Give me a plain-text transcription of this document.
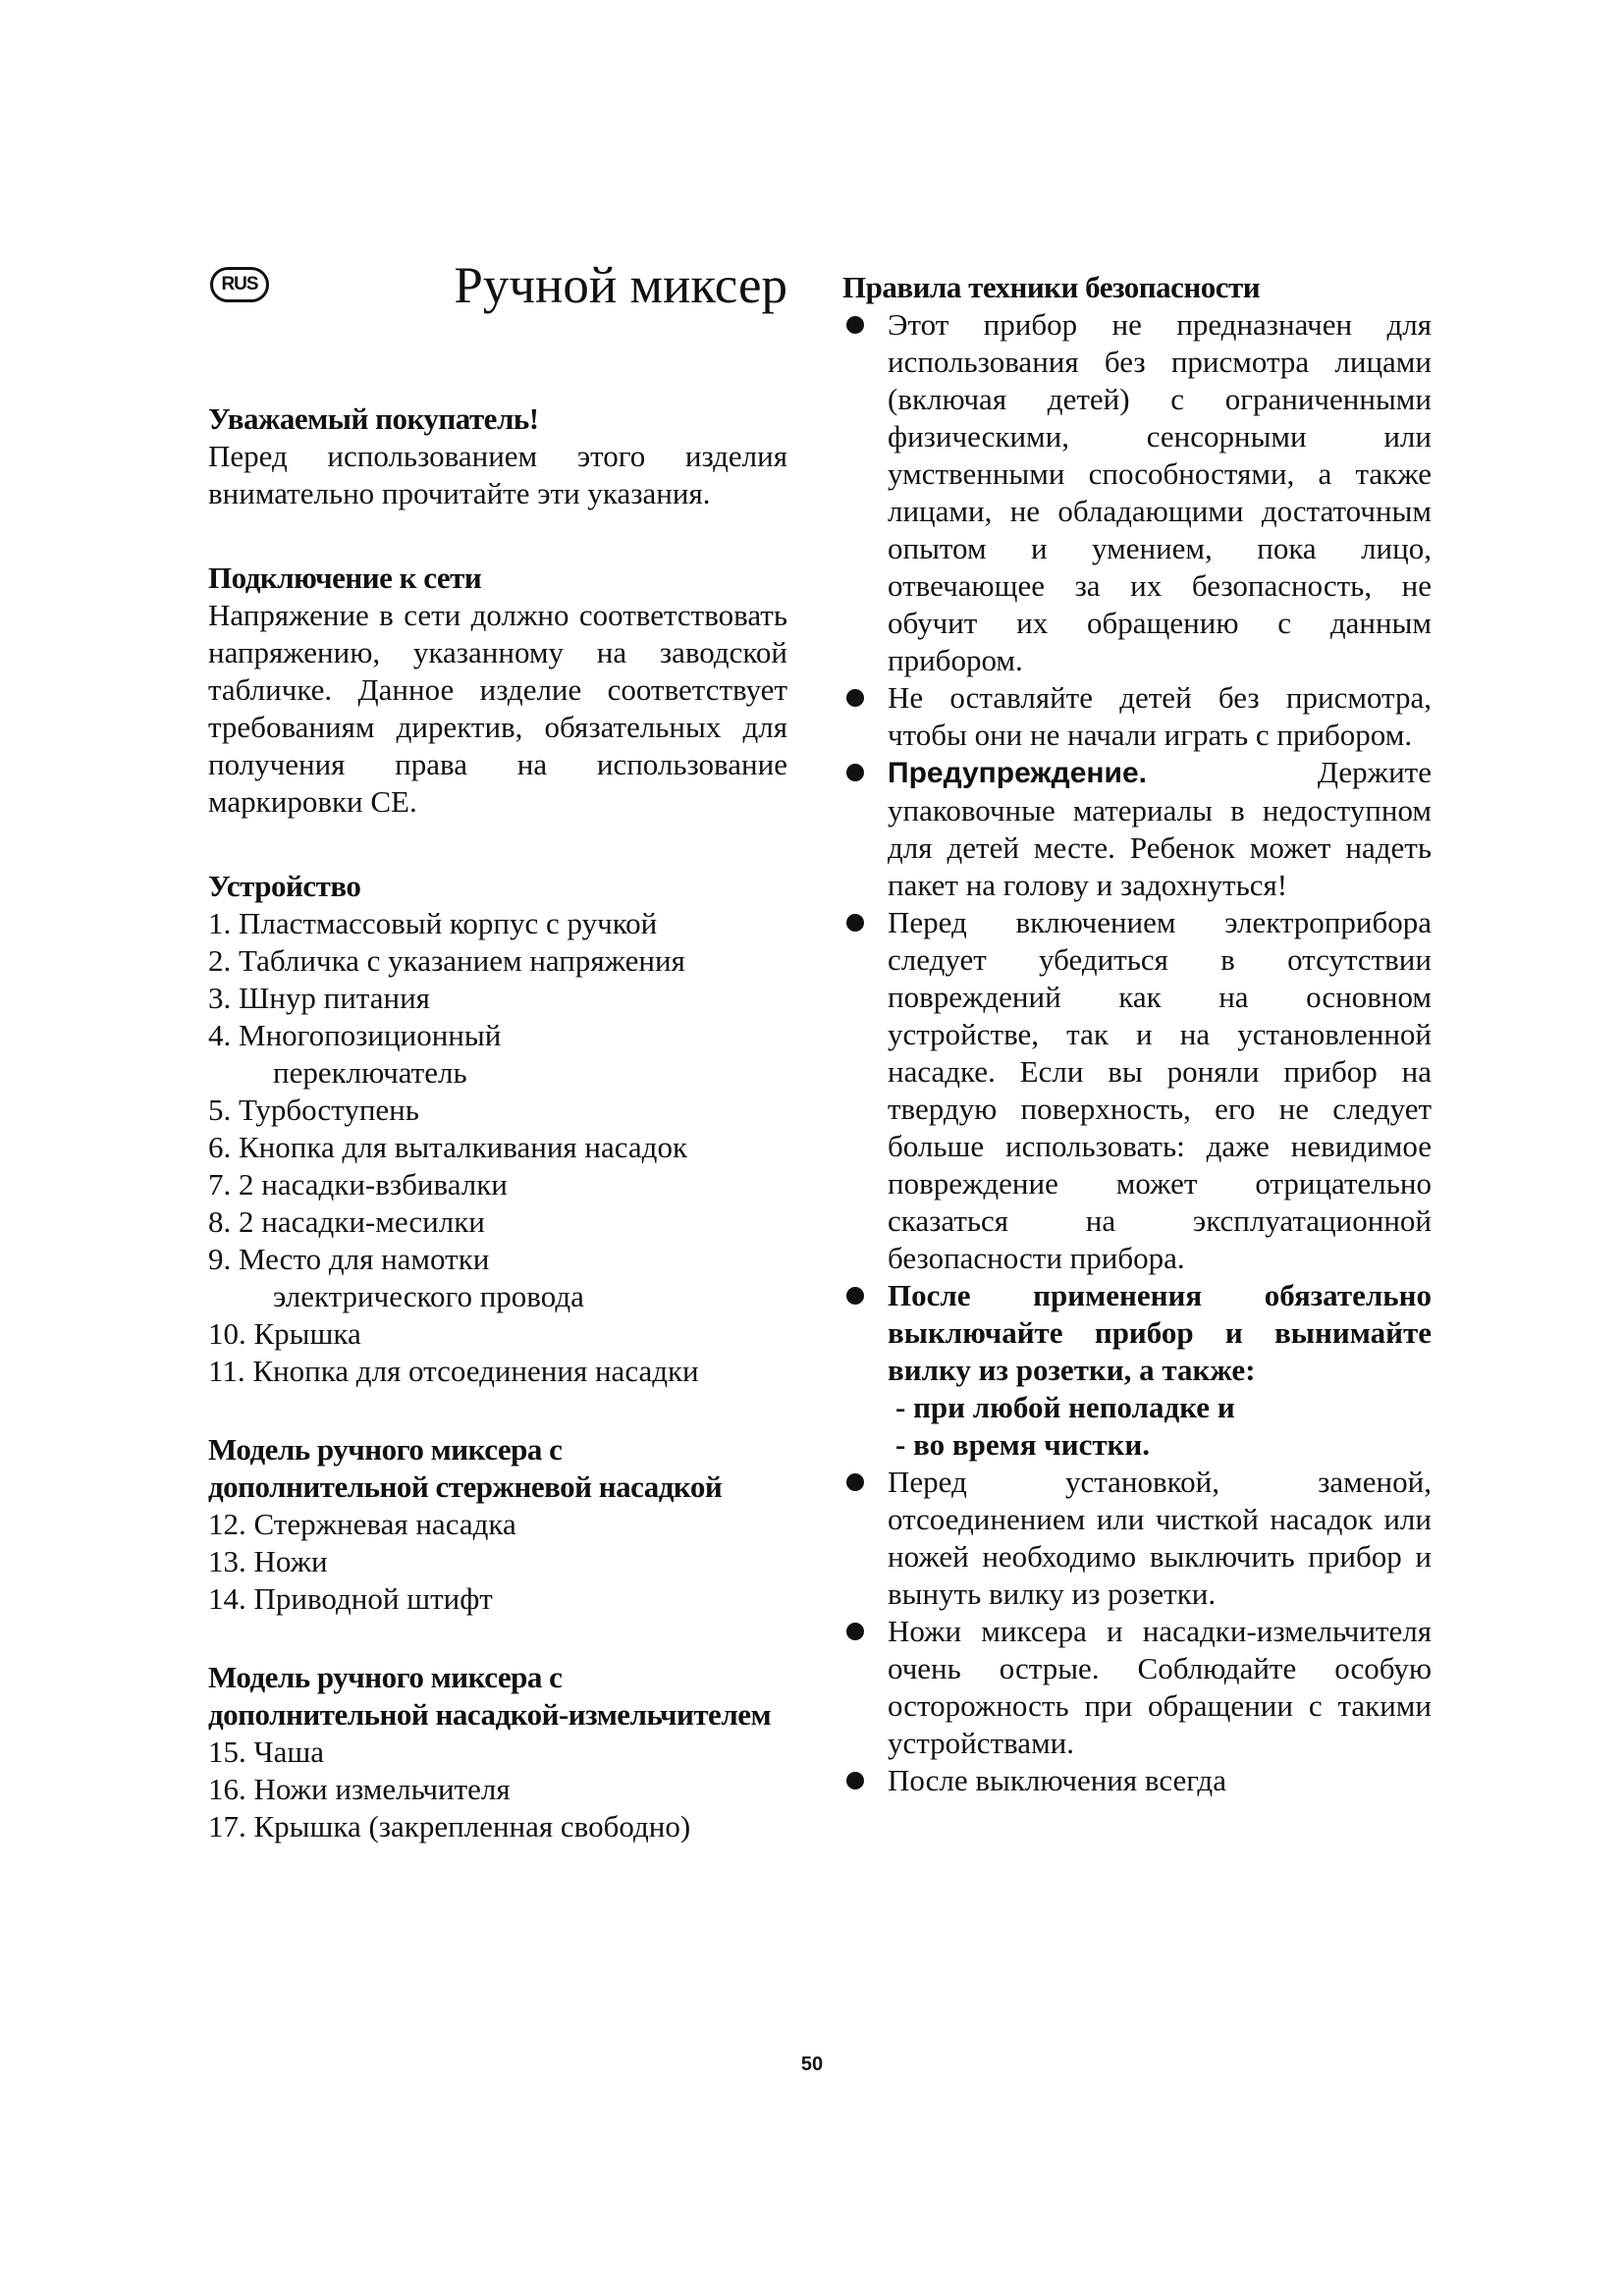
RUS	Ручной миксер
Уважаемый покупатель!

Перед использованием этого изделия внимательно прочитайте эти указания.

Подключение к сети

Напряжение в сети должно соответствовать напряжению, указанному на заводской табличке. Данное изделие соответствует требованиям директив, обязательных для получения права на использование маркировки CE.

Устройство
1. Пластмассовый корпус с ручкой
2. Табличка с указанием напряжения
3. Шнур питания
4. Многопозиционный
переключатель
5. Турбоступень
6. Кнопка для выталкивания насадок
7. 2 насадки-взбивалки
8. 2 насадки-месилки
9. Место для намотки
электрического провода
10. Крышка
11. Кнопка для отсоединения насадки
Модель ручного миксера с дополнительной стержневой насадкой
12. Стержневая насадка
13. Ножи
14. Приводной штифт
Модель ручного миксера с дополнительной насадкой-измельчителем
15. Чаша
16. Ножи измельчителя
17. Крышка (закрепленная свободно)
Правила техники безопасности
Этот прибор не предназначен для использования без присмотра лицами (включая детей) с ограниченными физическими, сенсорными или умственными способностями, а также лицами, не обладающими достаточным опытом и умением, пока лицо, отвечающее за их безопасность, не обучит их обращению с данным прибором.
Не оставляйте детей без присмотра, чтобы они не начали играть с прибором.
Предупреждение. Держите упаковочные материалы в недоступном для детей месте. Ребенок может надеть пакет на голову и задохнуться!
Перед включением электроприбора следует убедиться в отсутствии повреждений как на основном устройстве, так и на установленной насадке. Если вы роняли прибор на твердую поверхность, его не следует больше использовать: даже невидимое повреждение может отрицательно сказаться на эксплуатационной безопасности прибора.
После применения обязательно выключайте прибор и вынимайте вилку из розетки, а также:
- при любой неполадке и
- во время чистки.
Перед установкой, заменой, отсоединением или чисткой насадок или ножей необходимо выключить прибор и вынуть вилку из розетки.
Ножи миксера и насадки-измельчителя очень острые. Соблюдайте особую осторожность при обращении с такими устройствами.
После выключения всегда
50
